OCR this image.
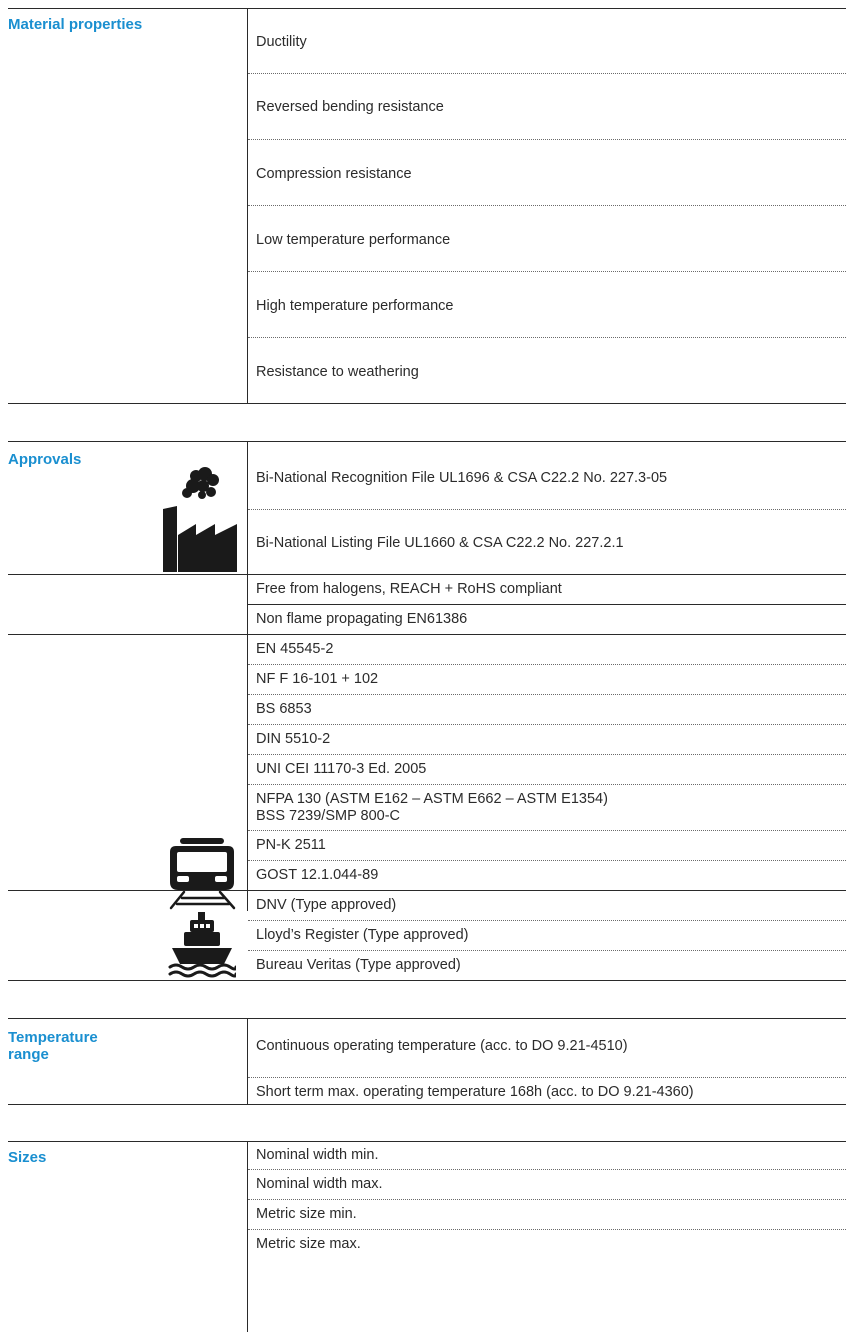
Material properties
Ductility
Reversed bending resistance
Compression resistance
Low temperature performance
High temperature performance
Resistance to weathering
Approvals
Bi-National Recognition File UL1696 & CSA C22.2 No. 227.3-05
Bi-National Listing File UL1660 & CSA C22.2 No. 227.2.1
Free from halogens, REACH + RoHS compliant
Non flame propagating EN61386
EN 45545-2
NF F 16-101 + 102
BS 6853
DIN 5510-2
UNI CEI 11170-3 Ed. 2005
NFPA 130 (ASTM E162 – ASTM E662 – ASTM E1354)
BSS 7239/SMP 800-C
PN-K 2511
GOST 12.1.044-89
DNV (Type approved)
Lloyd’s Register (Type approved)
Bureau Veritas (Type approved)
Temperature
range	Continuous operating temperature (acc. to DO 9.21-4510)
Short term max. operating temperature 168h (acc. to DO 9.21-4360)
Sizes	Nominal width min.
Nominal width max.
Metric size min.
Metric size max.
